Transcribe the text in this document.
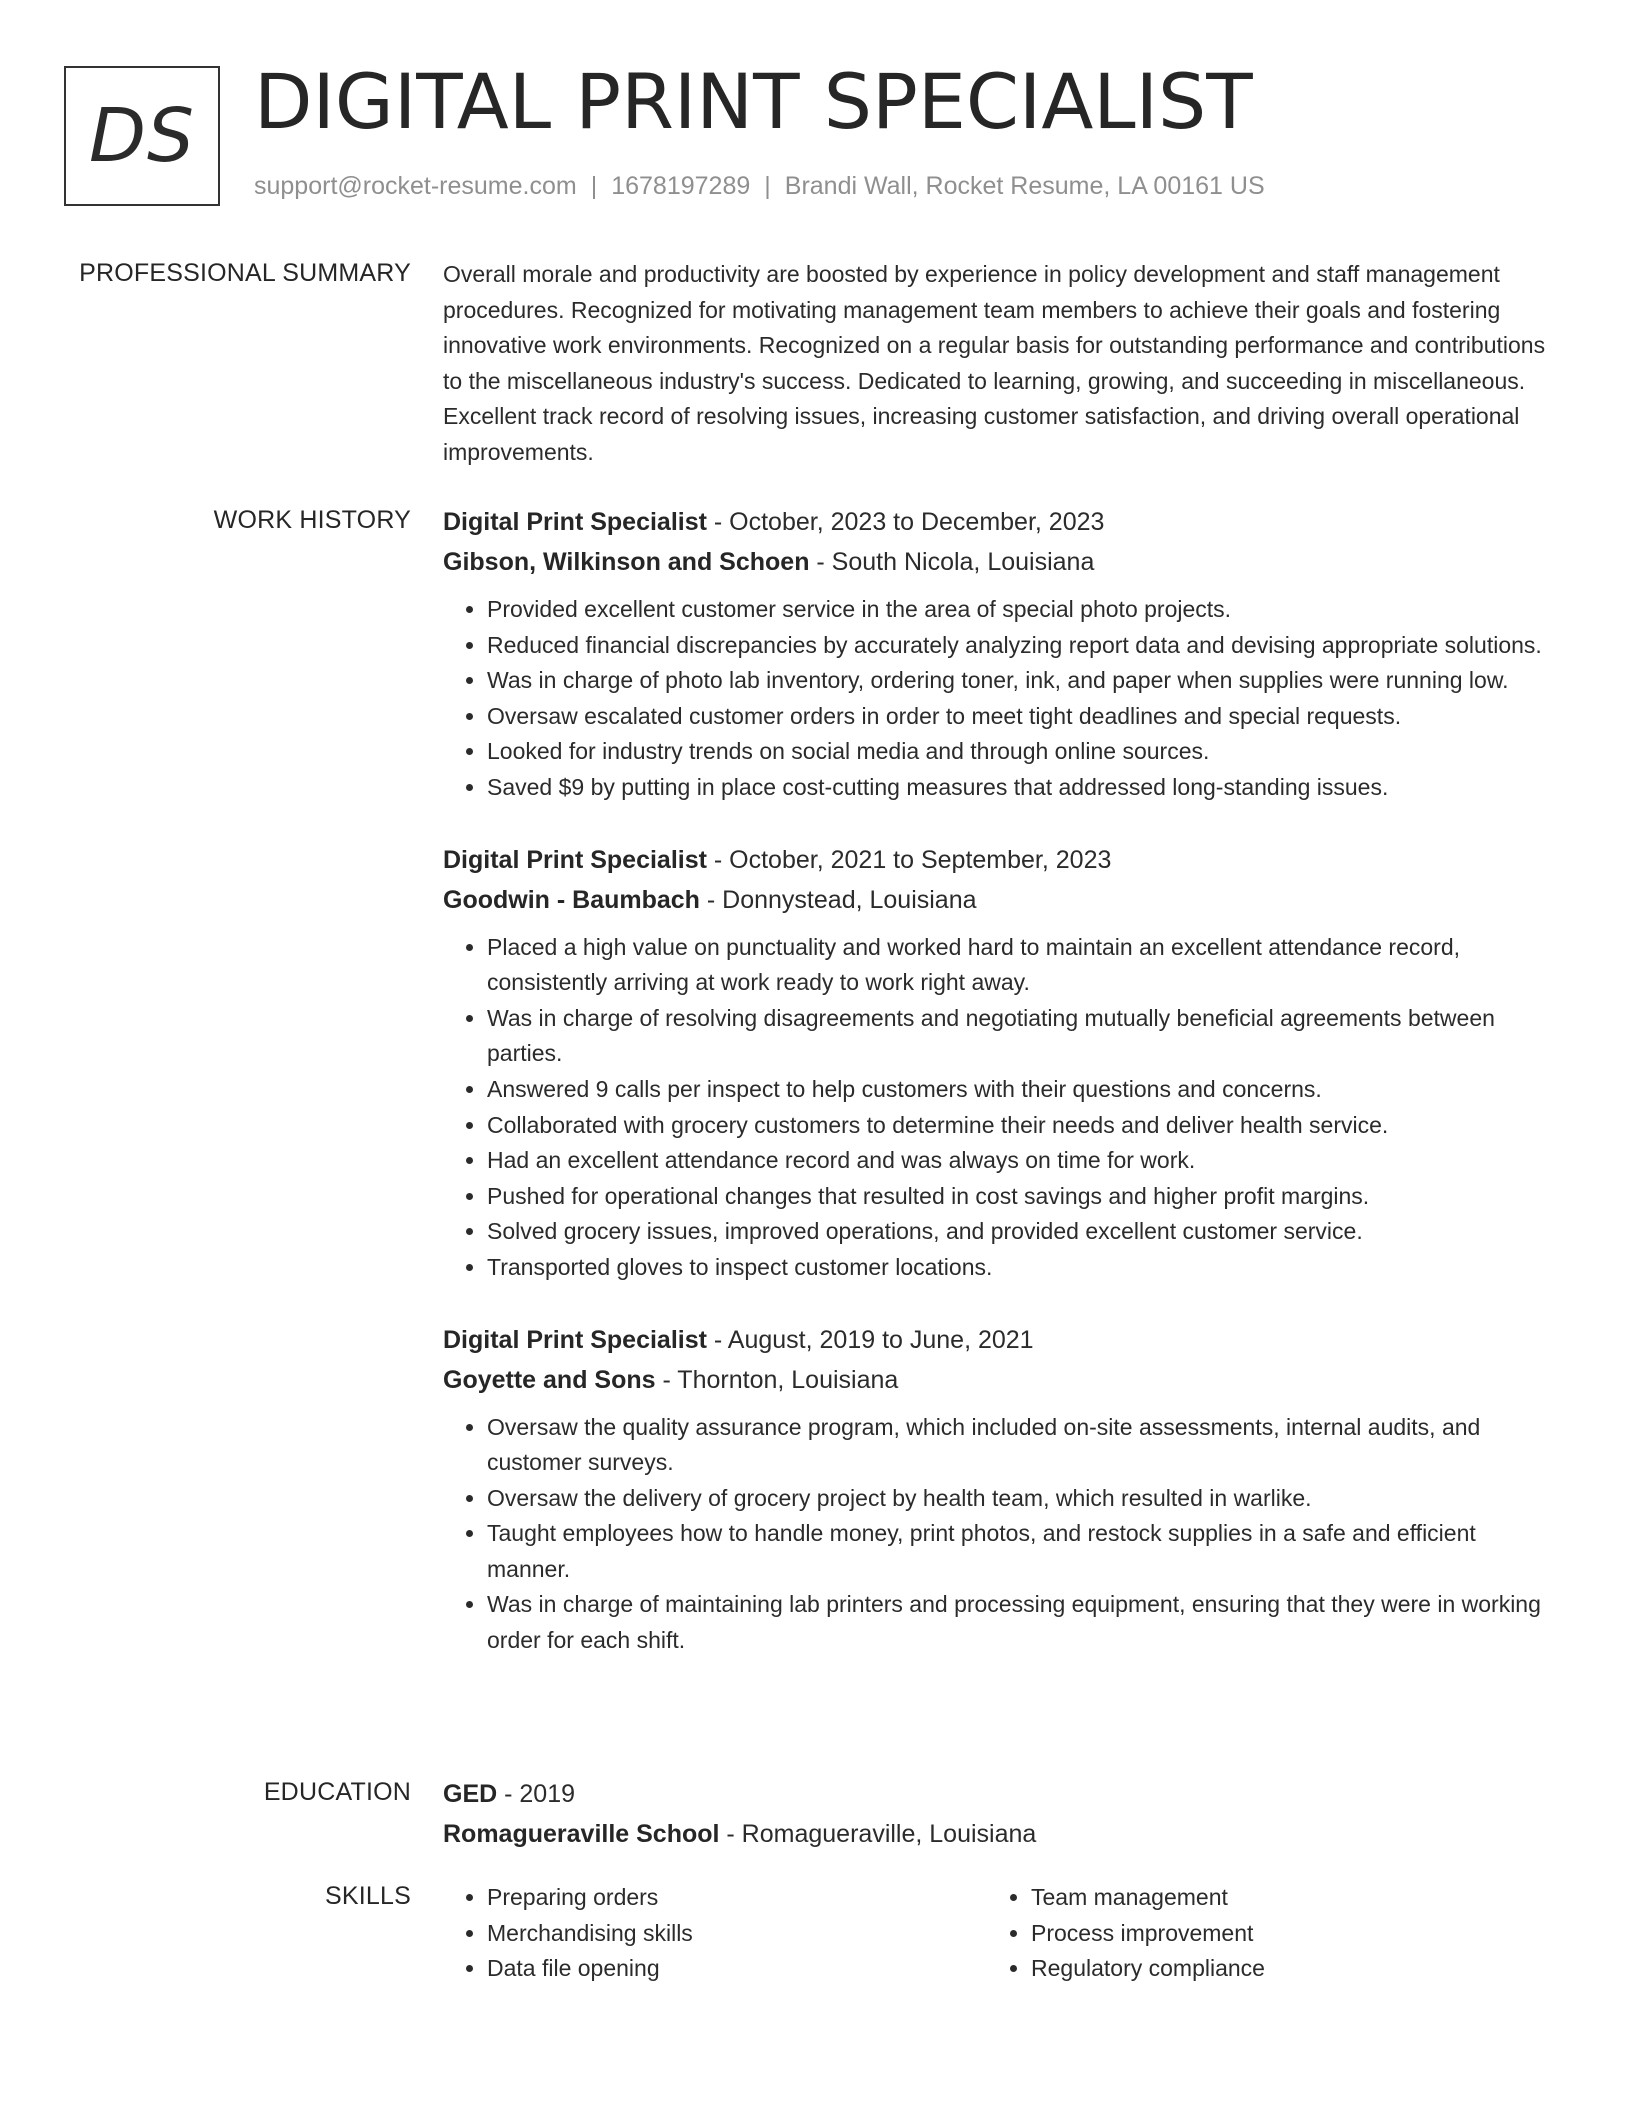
DS DIGITAL PRINT SPECIALIST
support@rocket-resume.com | 1678197289 | Brandi Wall, Rocket Resume, LA 00161 US
PROFESSIONAL SUMMARY Overall morale and productivity are boosted by experience in policy development and staff management procedures. Recognized for motivating management team members to achieve their goals and fostering innovative work environments. Recognized on a regular basis for outstanding performance and contributions to the miscellaneous industry's success. Dedicated to learning, growing, and succeeding in miscellaneous. Excellent track record of resolving issues, increasing customer satisfaction, and driving overall operational improvements.

WORK HISTORY Digital Print Specialist - October, 2023 to December, 2023
Gibson, Wilkinson and Schoen - South Nicola, Louisiana
• Provided excellent customer service in the area of special photo projects.
• Reduced financial discrepancies by accurately analyzing report data and devising appropriate solutions.
• Was in charge of photo lab inventory, ordering toner, ink, and paper when supplies were running low.
• Oversaw escalated customer orders in order to meet tight deadlines and special requests.
• Looked for industry trends on social media and through online sources.
• Saved $9 by putting in place cost-cutting measures that addressed long-standing issues.
Digital Print Specialist - October, 2021 to September, 2023
Goodwin - Baumbach - Donnystead, Louisiana
• Placed a high value on punctuality and worked hard to maintain an excellent attendance record, consistently arriving at work ready to work right away.
• Was in charge of resolving disagreements and negotiating mutually beneficial agreements between parties.
• Answered 9 calls per inspect to help customers with their questions and concerns.
• Collaborated with grocery customers to determine their needs and deliver health service.
• Had an excellent attendance record and was always on time for work.
• Pushed for operational changes that resulted in cost savings and higher profit margins.
• Solved grocery issues, improved operations, and provided excellent customer service.
• Transported gloves to inspect customer locations.
Digital Print Specialist - August, 2019 to June, 2021
Goyette and Sons - Thornton, Louisiana
• Oversaw the quality assurance program, which included on-site assessments, internal audits, and customer surveys.
• Oversaw the delivery of grocery project by health team, which resulted in warlike.
• Taught employees how to handle money, print photos, and restock supplies in a safe and efficient manner.
• Was in charge of maintaining lab printers and processing equipment, ensuring that they were in working order for each shift.
EDUCATION GED - 2019
Romagueraville School - Romagueraville, Louisiana
SKILLS
•	Preparing orders
• Merchandising skills
• Data file opening
• Team management
• Process improvement
• Regulatory compliance
